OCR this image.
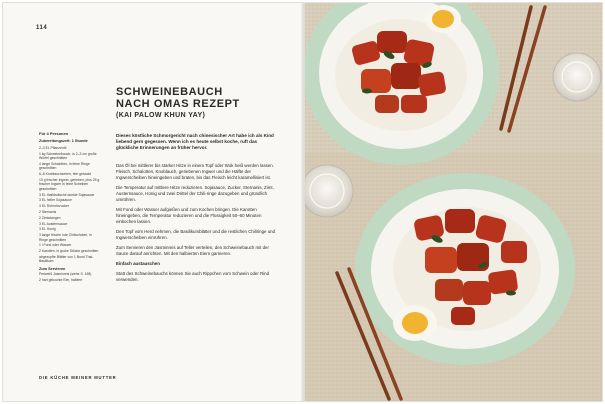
114
SCHWEINEBAUCH
NACH OMAS REZEPT
(KAI PALOW KHUN YAY)

Dieses köstliche Schmorgericht nach chinesischer Art habe ich als Kind liebend gern gegessen. Wenn ich es heute selbst koche, ruft das glückliche Erinnerungen an früher hervor.

Das Öl bei mittlerer bis starker Hitze in einem Topf oder Wok heiß werden lassen. Fleisch, Schalotten, Knoblauch, geriebenen Ingwer und die Hälfte der Ingwerscheiben hineingeben und braten, bis das Fleisch leicht karamellisiert ist.

Die Temperatur auf mittlere Hitze reduzieren. Sojasauce, Zucker, Sternanis, Zimt, Austernsauce, Honig und zwei Drittel der Chili-ringe dazugeben und gründlich umrühren.

Mit Fond oder Wasser aufgießen und zum Kochen bringen. Die Karotten hineingeben, die Temperatur reduzieren und die Flüssigkeit 50–60 Minuten einkochen lassen.

Den Topf vom Herd nehmen, die Basilikumblätter und die restlichen Chiliringe und Ingwerscheiben einrühren.

Zum Servieren den Jasminreis auf Teller verteilen, den Schweinebauch mit der Sauce darauf anrichten. Mit den halbierten Eiern garnieren.

Einfach austauschen

Statt des Schweinebauchs können Sie auch Rippchen vom Schwein oder Rind verwenden.

Für 4 Personen
Zubereitungszeit: 1 Stunde
2–3 EL Pflanzenöl
1 kg Schweinebauch, in 2–3 cm große Würfel geschnitten
4 lange Schalotten, in feine Ringe geschnitten
6–8 Knoblauchzehen, fein gehackt
10 g frischer Ingwer, gerieben, plus 25 g frischer Ingwer in feine Scheiben geschnitten
3 EL thailändische dunkle Sojasauce
3 EL heller Sojasauce
3 EL Rohrohrzucker
2 Sternanis
2 Zimtstangen
3 EL Austernsauce
3 EL Honig
3 lange frische rote Chilischoten, in Ringe geschnitten
1 l Fond oder Wasser
2 Karotten, in grobe Stücke geschnitten
abgezupfte Blätter von 1 Bund Thai-Basilikum
Zum Servieren
Perlweiß Jasminreis (siehe S. 168)
2 hart gekochte Eier, halbiert
DIE KÜCHE MEINER MUTTER
